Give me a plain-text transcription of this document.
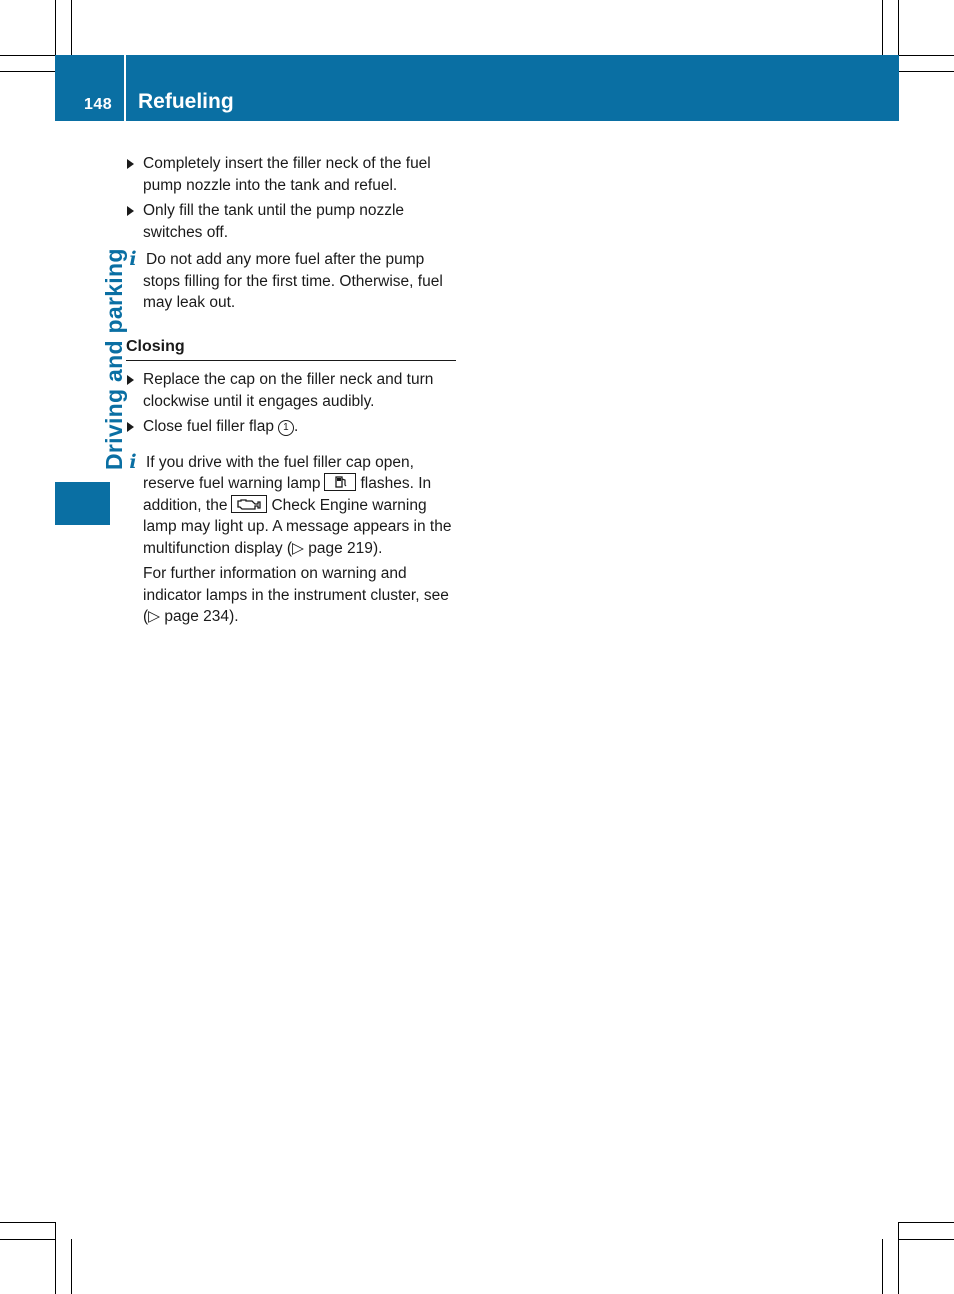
148 Refueling
Driving and parking
Completely insert the filler neck of the fuel pump nozzle into the tank and refuel.
Only fill the tank until the pump nozzle switches off.

i Do not add any more fuel after the pump stops filling for the first time. Otherwise, fuel may leak out.

Closing
Replace the cap on the filler neck and turn clockwise until it engages audibly.
Close fuel filler flap 1 .

i If you drive with the fuel filler cap open, reserve fuel warning lamp	flashes. In addition, the	Check Engine warning lamp may light up. A message appears in the multifunction display (▷ page 219).

For further information on warning and indicator lamps in the instrument cluster, see (▷ page 234).
